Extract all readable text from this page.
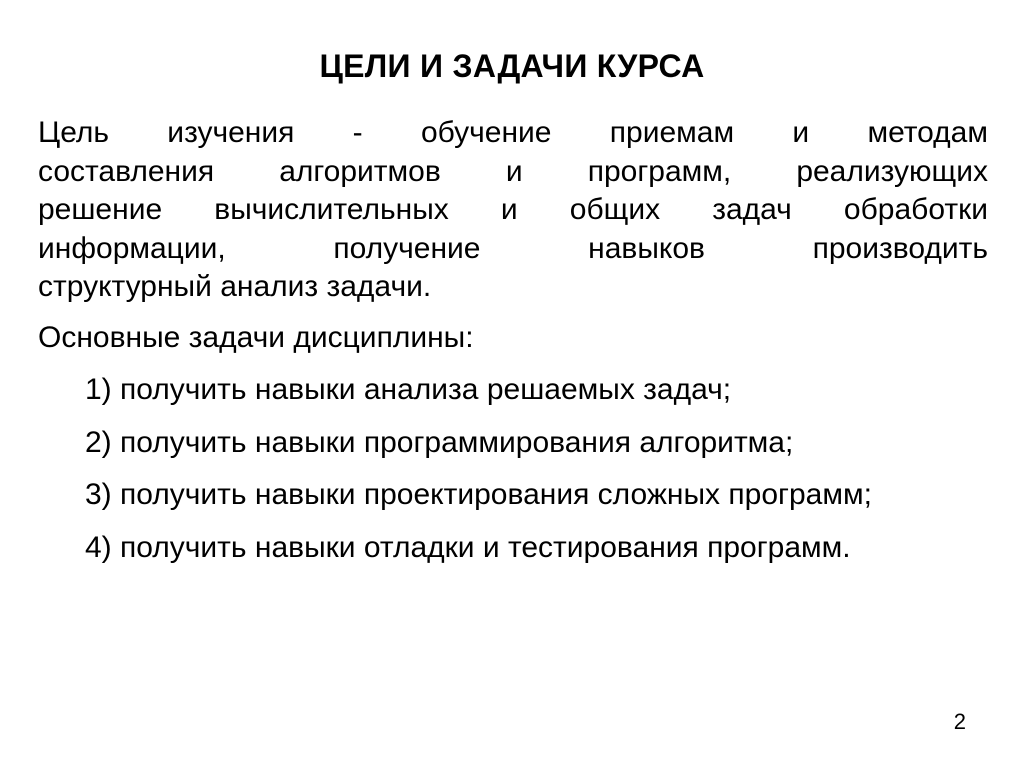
ЦЕЛИ И ЗАДАЧИ КУРСА
Цель изучения - обучение приемам и методам
составления алгоритмов и программ, реализующих
решение вычислительных и общих задач обработки
информации, получение навыков производить
структурный анализ задачи.
Основные задачи дисциплины:
1) получить навыки анализа решаемых задач;
2) получить навыки программирования алгоритма;
3) получить навыки проектирования сложных программ;
4) получить навыки отладки и тестирования программ.
2
